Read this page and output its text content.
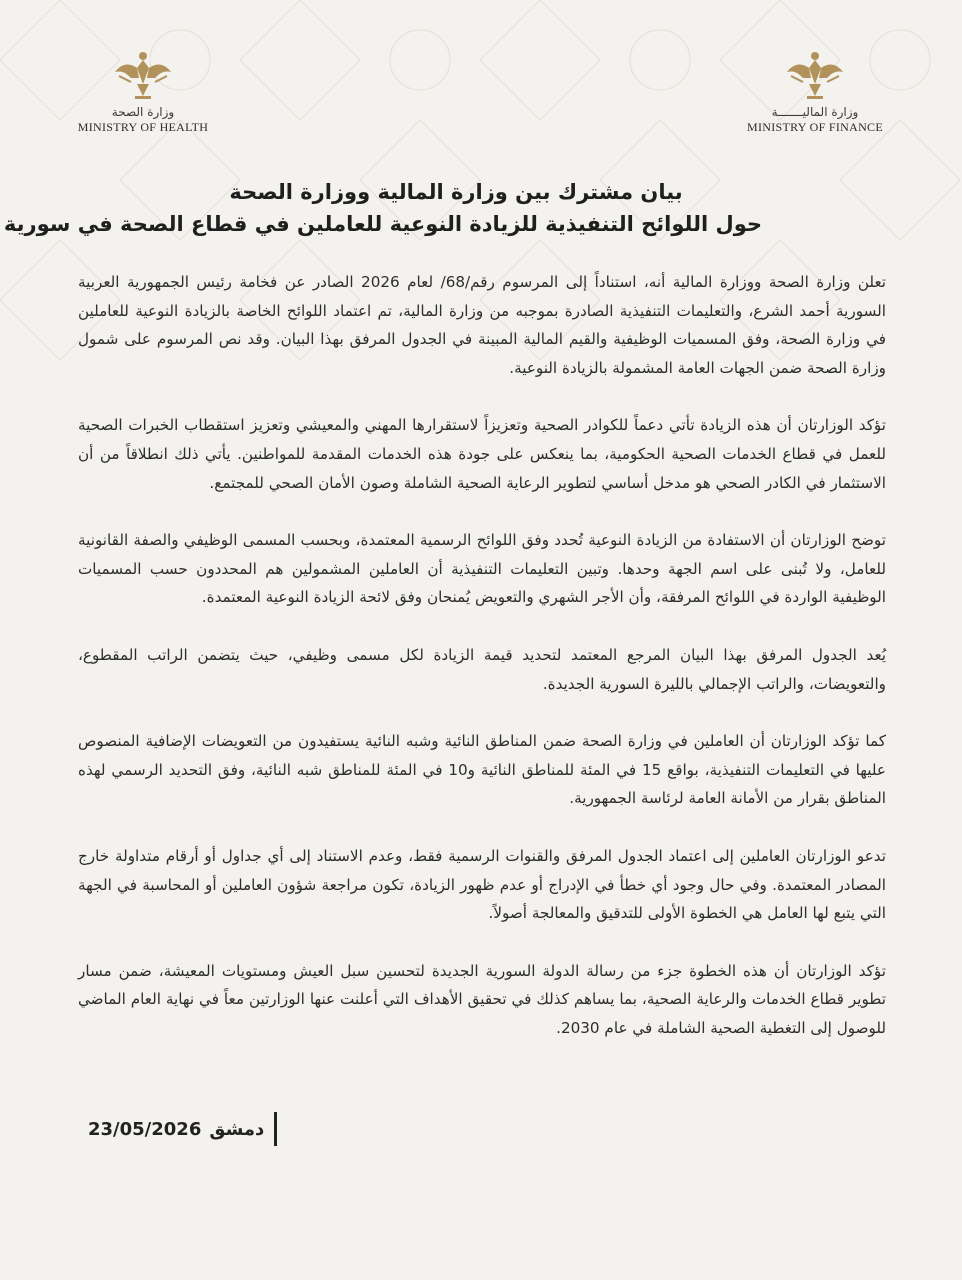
وزارة الصحة
MINISTRY OF HEALTH
وزارة الماليـــــــة
MINISTRY OF FINANCE
بيان مشترك بين وزارة المالية ووزارة الصحة
حول اللوائح التنفيذية للزيادة النوعية للعاملين في قطاع الصحة في سورية

تعلن وزارة الصحة ووزارة المالية أنه، استناداً إلى المرسوم رقم/68/ لعام 2026 الصادر عن فخامة رئيس الجمهورية العربية السورية أحمد الشرع، والتعليمات التنفيذية الصادرة بموجبه من وزارة المالية، تم اعتماد اللوائح الخاصة بالزيادة النوعية للعاملين في وزارة الصحة، وفق المسميات الوظيفية والقيم المالية المبينة في الجدول المرفق بهذا البيان. وقد نص المرسوم على شمول وزارة الصحة ضمن الجهات العامة المشمولة بالزيادة النوعية.

تؤكد الوزارتان أن هذه الزيادة تأتي دعماً للكوادر الصحية وتعزيزاً لاستقرارها المهني والمعيشي وتعزيز استقطاب الخبرات الصحية للعمل في قطاع الخدمات الصحية الحكومية، بما ينعكس على جودة هذه الخدمات المقدمة للمواطنين. يأتي ذلك انطلاقاً من أن الاستثمار في الكادر الصحي هو مدخل أساسي لتطوير الرعاية الصحية الشاملة وصون الأمان الصحي للمجتمع.

توضح الوزارتان أن الاستفادة من الزيادة النوعية تُحدد وفق اللوائح الرسمية المعتمدة، وبحسب المسمى الوظيفي والصفة القانونية للعامل، ولا تُبنى على اسم الجهة وحدها. وتبين التعليمات التنفيذية أن العاملين المشمولين هم المحددون حسب المسميات الوظيفية الواردة في اللوائح المرفقة، وأن الأجر الشهري والتعويض يُمنحان وفق لائحة الزيادة النوعية المعتمدة.

يُعد الجدول المرفق بهذا البيان المرجع المعتمد لتحديد قيمة الزيادة لكل مسمى وظيفي، حيث يتضمن الراتب المقطوع، والتعويضات، والراتب الإجمالي بالليرة السورية الجديدة.

كما تؤكد الوزارتان أن العاملين في وزارة الصحة ضمن المناطق النائية وشبه النائية يستفيدون من التعويضات الإضافية المنصوص عليها في التعليمات التنفيذية، بواقع 15 في المئة للمناطق النائية و10 في المئة للمناطق شبه النائية، وفق التحديد الرسمي لهذه المناطق بقرار من الأمانة العامة لرئاسة الجمهورية.

تدعو الوزارتان العاملين إلى اعتماد الجدول المرفق والقنوات الرسمية فقط، وعدم الاستناد إلى أي جداول أو أرقام متداولة خارج المصادر المعتمدة. وفي حال وجود أي خطأ في الإدراج أو عدم ظهور الزيادة، تكون مراجعة شؤون العاملين أو المحاسبة في الجهة التي يتبع لها العامل هي الخطوة الأولى للتدقيق والمعالجة أصولاً.

تؤكد الوزارتان أن هذه الخطوة جزء من رسالة الدولة السورية الجديدة لتحسين سبل العيش ومستويات المعيشة، ضمن مسار تطوير قطاع الخدمات والرعاية الصحية، بما يساهم كذلك في تحقيق الأهداف التي أعلنت عنها الوزارتين معاً في نهاية العام الماضي للوصول إلى التغطية الصحية الشاملة في عام 2030.

23/05/2026 دمشق
